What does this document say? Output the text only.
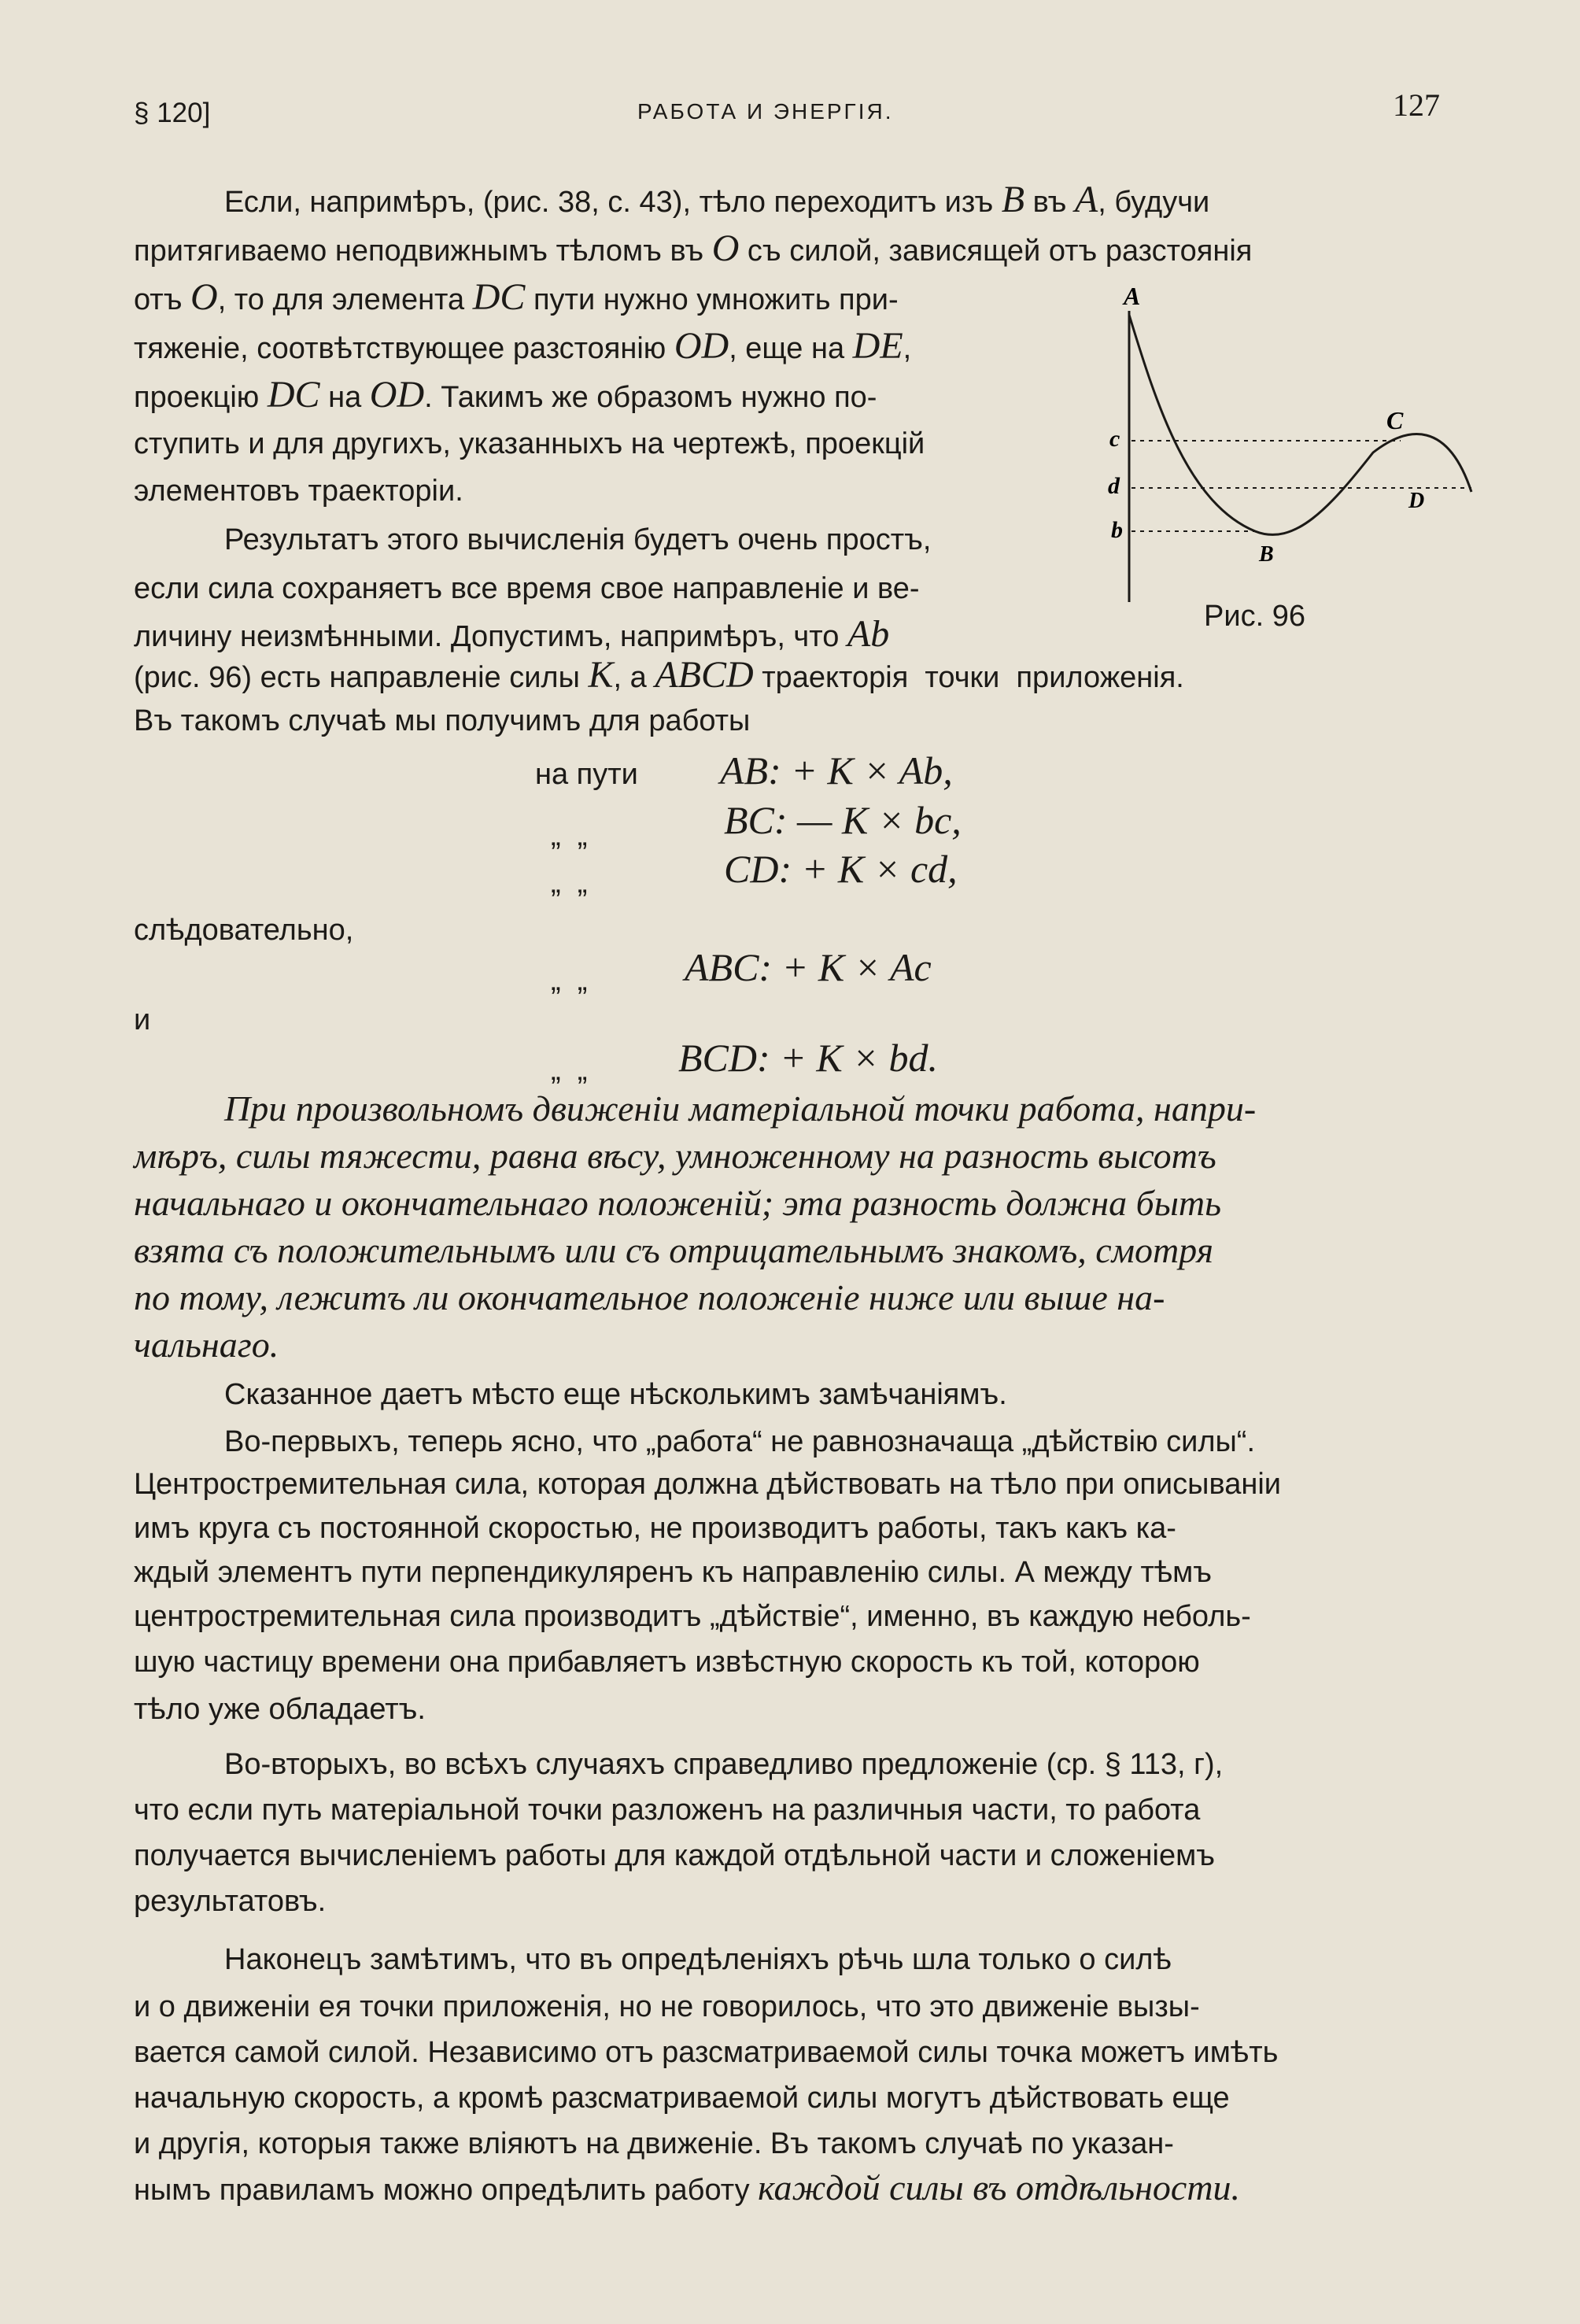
§ 120]	РАБОТА И ЭНЕРГІЯ.	127
Если, напримѣръ, (рис. 38, с. 43), тѣло переходитъ изъ B въ A, будучи
притягиваемо неподвижнымъ тѣломъ въ O съ силой, зависящей отъ разстоянія
отъ O, то для элемента DC пути нужно умножить при-
тяженіе, соотвѣтствующее разстоянію OD, еще на DE,
проекцію DC на OD. Такимъ же образомъ нужно по-
ступить и для другихъ, указанныхъ на чертежѣ, проекцій
элементовъ траекторіи.
A
B
C
D
c
d
b
Рис. 96
Результатъ этого вычисленія будетъ очень простъ,
если сила сохраняетъ все время свое направленіе и ве-
личину неизмѣнными. Допустимъ, напримѣръ, что Ab
(рис. 96) есть направленіе силы K, а ABCD траекторія  точки  приложенія.
Въ такомъ случаѣ мы получимъ для работы
на пути AB: + K × Ab,
„  „	BC: — K × bc,
„  „	CD: + K × cd,
слѣдовательно,
„  „ ABC: + K × Ac
и
„  „ BCD: + K × bd.
При произвольномъ движеніи матеріальной точки работа, напри-
мѣръ, силы тяжести, равна вѣсу, умноженному на разность высотъ
начальнаго и окончательнаго положеній; эта разность должна быть
взята съ положительнымъ или съ отрицательнымъ знакомъ, смотря
по тому, лежитъ ли окончательное положеніе ниже или выше на-
чальнаго.
Сказанное даетъ мѣсто еще нѣсколькимъ замѣчаніямъ.
Во-первыхъ, теперь ясно, что „работа“ не равнозначаща „дѣйствію силы“.
Центростремительная сила, которая должна дѣйствовать на тѣло при описываніи
имъ круга съ постоянной скоростью, не производитъ работы, такъ какъ ка-
ждый элементъ пути перпендикуляренъ къ направленію силы. А между тѣмъ
центростремительная сила производитъ „дѣйствіе“, именно, въ каждую неболь-
шую частицу времени она прибавляетъ извѣстную скорость къ той, которою
тѣло уже обладаетъ.
Во-вторыхъ, во всѣхъ случаяхъ справедливо предложеніе (ср. § 113, г),
что если путь матеріальной точки разложенъ на различныя части, то работа
получается вычисленіемъ работы для каждой отдѣльной части и сложеніемъ
результатовъ.
Наконецъ замѣтимъ, что въ опредѣленіяхъ рѣчь шла только о силѣ
и о движеніи ея точки приложенія, но не говорилось, что это движеніе вызы-
вается самой силой. Независимо отъ разсматриваемой силы точка можетъ имѣть
начальную скорость, а кромѣ разсматриваемой силы могутъ дѣйствовать еще
и другія, которыя также вліяютъ на движеніе. Въ такомъ случаѣ по указан-
нымъ правиламъ можно опредѣлить работу каждой силы въ отдѣльности.
